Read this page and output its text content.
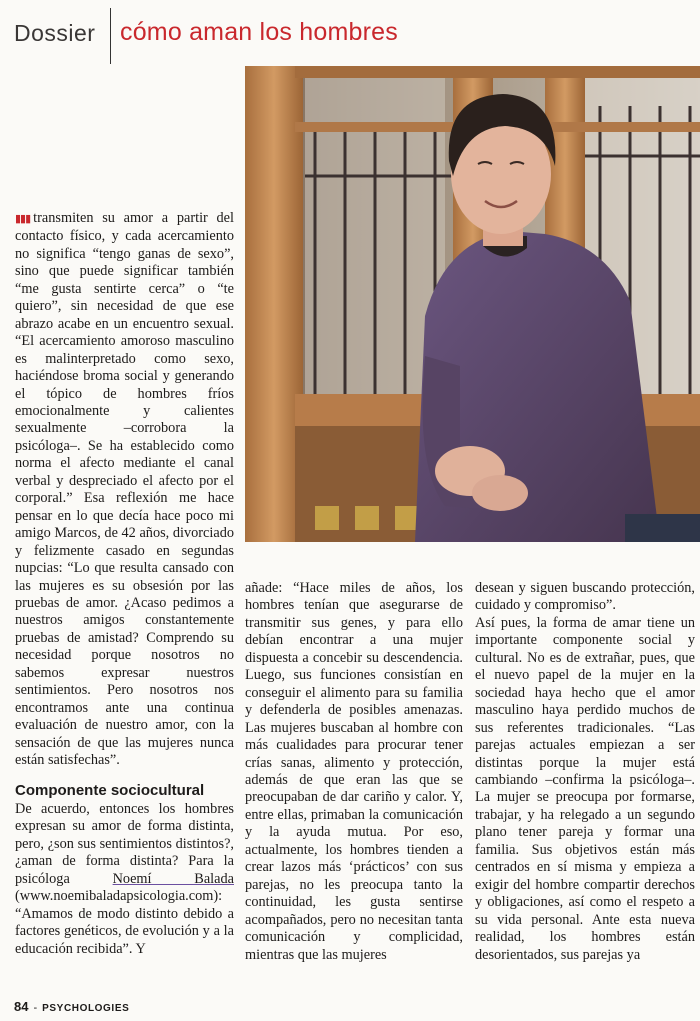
Dossier cómo aman los hombres

▮▮▮ transmiten su amor a partir del contacto físico, y cada acercamiento no significa “tengo ganas de sexo”, sino que puede significar también “me gusta sentirte cerca” o “te quiero”, sin necesidad de que ese abrazo acabe en un encuentro sexual. “El acercamiento amoroso masculino es malinterpretado como sexo, haciéndose broma social y generando el tópico de hombres fríos emocionalmente y calientes sexualmente –corrobora la psicóloga–. Se ha establecido como norma el afecto mediante el canal verbal y despreciado el afecto por el corporal.” Esa reflexión me hace pensar en lo que decía hace poco mi amigo Marcos, de 42 años, divorciado y felizmente casado en segundas nupcias: “Lo que resulta cansado con las mujeres es su obsesión por las pruebas de amor. ¿Acaso pedimos a nuestros amigos constantemente pruebas de amistad? Comprendo su necesidad porque nosotros no sabemos expresar nuestros sentimientos. Pero nosotros nos encontramos ante una continua evaluación de nuestro amor, con la sensación de que las mujeres nunca están satisfechas”.

Componente sociocultural

De acuerdo, entonces los hombres expresan su amor de forma distinta, pero, ¿son sus sentimientos distintos?, ¿aman de forma distinta? Para la psicóloga Noemí Balada (www.noemibaladapsicologia.com): “Amamos de modo distinto debido a factores genéticos, de evolución y a la educación recibida”. Y

añade: “Hace miles de años, los hombres tenían que asegurarse de transmitir sus genes, y para ello debían encontrar a una mujer dispuesta a concebir su descendencia. Luego, sus funciones consistían en conseguir el alimento para su familia y defenderla de posibles amenazas. Las mujeres buscaban al hombre con más cualidades para procurar tener crías sanas, alimento y protección, además de que eran las que se preocupaban de dar cariño y calor. Y, entre ellas, primaban la comunicación y la ayuda mutua. Por eso, actualmente, los hombres tienden a crear lazos más ‘prácticos’ con sus parejas, no les preocupa tanto la continuidad, les gusta sentirse acompañados, pero no necesitan tanta comunicación y complicidad, mientras que las mujeres

desean y siguen buscando protección, cuidado y compromiso”.

Así pues, la forma de amar tiene un importante componente social y cultural. No es de extrañar, pues, que el nuevo papel de la mujer en la sociedad haya hecho que el amor masculino haya perdido muchos de sus referentes tradicionales. “Las parejas actuales empiezan a ser distintas porque la mujer está cambiando –confirma la psicóloga–. La mujer se preocupa por formarse, trabajar, y ha relegado a un segundo plano tener pareja y formar una familia. Sus objetivos están más centrados en sí misma y empieza a exigir del hombre compartir derechos y obligaciones, así como el respeto a su vida personal. Ante esta nueva realidad, los hombres están desorientados, sus parejas ya

84 - PSYCHOLOGIES
